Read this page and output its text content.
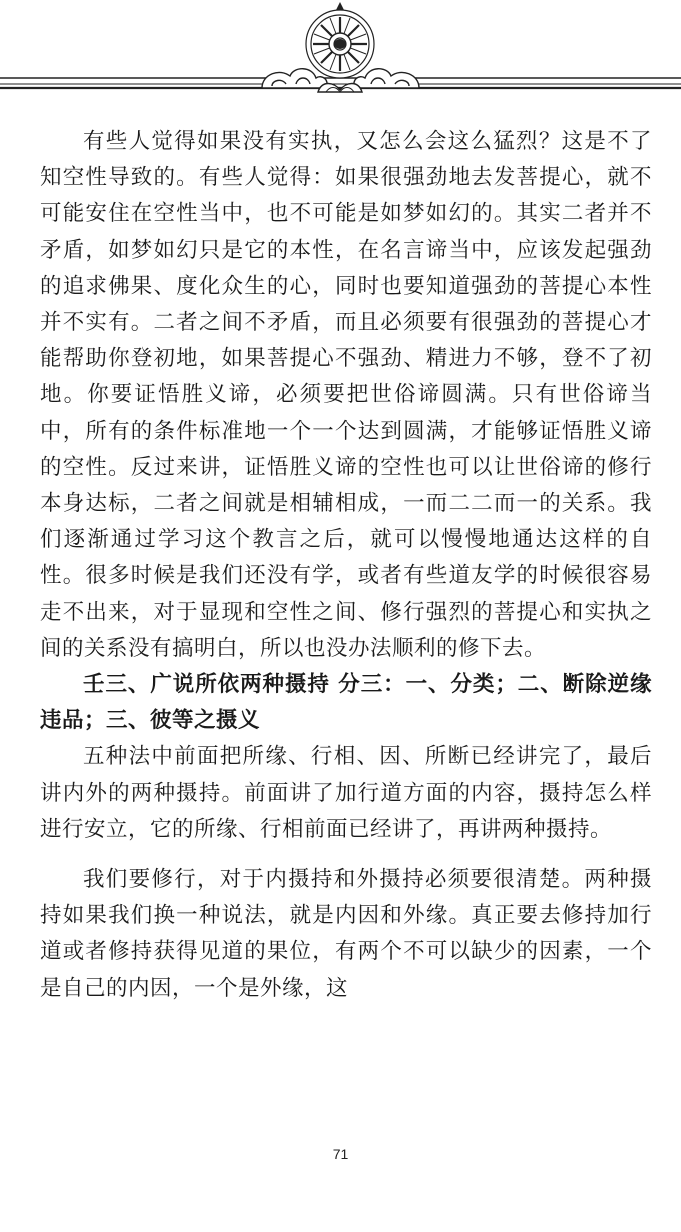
有些人觉得如果没有实执，又怎么会这么猛烈？这是不了知空性导致的。有些人觉得：如果很强劲地去发菩提心，就不可能安住在空性当中，也不可能是如梦如幻的。其实二者并不矛盾，如梦如幻只是它的本性，在名言谛当中，应该发起强劲的追求佛果、度化众生的心，同时也要知道强劲的菩提心本性并不实有。二者之间不矛盾，而且必须要有很强劲的菩提心才能帮助你登初地，如果菩提心不强劲、精进力不够，登不了初地。你要证悟胜义谛，必须要把世俗谛圆满。只有世俗谛当中，所有的条件标准地一个一个达到圆满，才能够证悟胜义谛的空性。反过来讲，证悟胜义谛的空性也可以让世俗谛的修行本身达标，二者之间就是相辅相成，一而二二而一的关系。我们逐渐通过学习这个教言之后，就可以慢慢地通达这样的自性。很多时候是我们还没有学，或者有些道友学的时候很容易走不出来，对于显现和空性之间、修行强烈的菩提心和实执之间的关系没有搞明白，所以也没办法顺利的修下去。

壬三、广说所依两种摄持 分三：一、分类；二、断除逆缘违品；三、彼等之摄义

五种法中前面把所缘、行相、因、所断已经讲完了，最后讲内外的两种摄持。前面讲了加行道方面的内容，摄持怎么样进行安立，它的所缘、行相前面已经讲了，再讲两种摄持。

我们要修行，对于内摄持和外摄持必须要很清楚。两种摄持如果我们换一种说法，就是内因和外缘。真正要去修持加行道或者修持获得见道的果位，有两个不可以缺少的因素，一个是自己的内因，一个是外缘，这

71
